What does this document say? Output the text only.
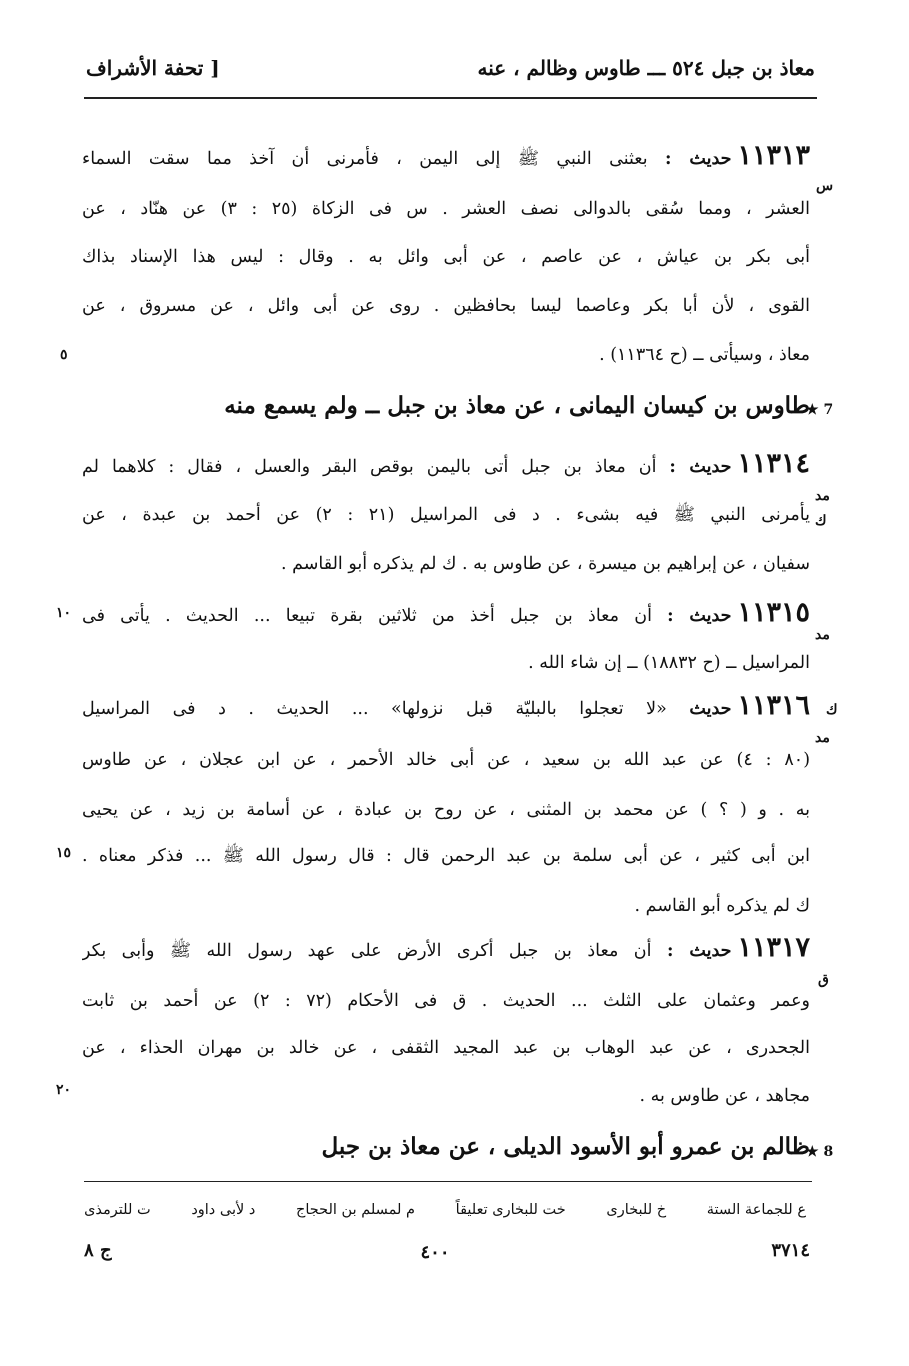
معاذ بن جبل ٥٢٤ ـــ طاوس وظالم ، عنه
[ تحفة الأشراف
١١٣١٣حديث : بعثنى النبي ﷺ إلى اليمن ، فأمرنى أن آخذ مما سقت السماء
العشر ، ومما سُقى بالدوالى نصف العشر . س فى الزكاة (٢٥ : ٣) عن هنّاد ، عن
أبى بكر بن عياش ، عن عاصم ، عن أبى وائل به . وقال : ليس هذا الإسناد بذاك
القوى ، لأن أبا بكر وعاصما ليسا بحافظين . روى عن أبى وائل ، عن مسروق ، عن
معاذ ، وسيأتى ــ (ح ١١٣٦٤) .
طاوس بن كيسان اليمانى ، عن معاذ بن جبل ــ ولم يسمع منه
١١٣١٤حديث : أن معاذ بن جبل أتى باليمن بوقص البقر والعسل ، فقال : كلاهما لم
يأمرنى النبي ﷺ فيه بشىء . د فى المراسيل (٢١ : ٢) عن أحمد بن عبدة ، عن
سفيان ، عن إبراهيم بن ميسرة ، عن طاوس به . ك لم يذكره أبو القاسم .
١١٣١٥حديث : أن معاذ بن جبل أخذ من ثلاثين بقرة تبيعا ... الحديث . يأتى فى
المراسيل ــ (ح ١٨٨٣٢) ــ إن شاء الله .
١١٣١٦حديث «لا تعجلوا بالبليّة قبل نزولها» ... الحديث . د فى المراسيل
(٨٠ : ٤) عن عبد الله بن سعيد ، عن أبى خالد الأحمر ، عن ابن عجلان ، عن طاوس
به . و ( ؟ ) عن محمد بن المثنى ، عن روح بن عبادة ، عن أسامة بن زيد ، عن يحيى
ابن أبى كثير ، عن أبى سلمة بن عبد الرحمن قال : قال رسول الله ﷺ ... فذكر معناه .
ك لم يذكره أبو القاسم .
١١٣١٧حديث : أن معاذ بن جبل أكرى الأرض على عهد رسول الله ﷺ وأبى بكر
وعمر وعثمان على الثلث ... الحديث . ق فى الأحكام (٧٢ : ٢) عن أحمد بن ثابت
الجحدرى ، عن عبد الوهاب بن عبد المجيد الثقفى ، عن خالد بن مهران الحذاء ، عن
مجاهد ، عن طاوس به .
ظالم بن عمرو أبو الأسود الديلى ، عن معاذ بن جبل
س
7 ★
مد
ك
مد
ك
مد
ق
8 ★
٥
١٠
١٥
٢٠
ع للجماعة الستة
خ للبخارى
خت للبخارى تعليقاً
م لمسلم بن الحجاج
د لأبى داود
ت للترمذى
ج ٨	٤٠٠	٣٧١٤
